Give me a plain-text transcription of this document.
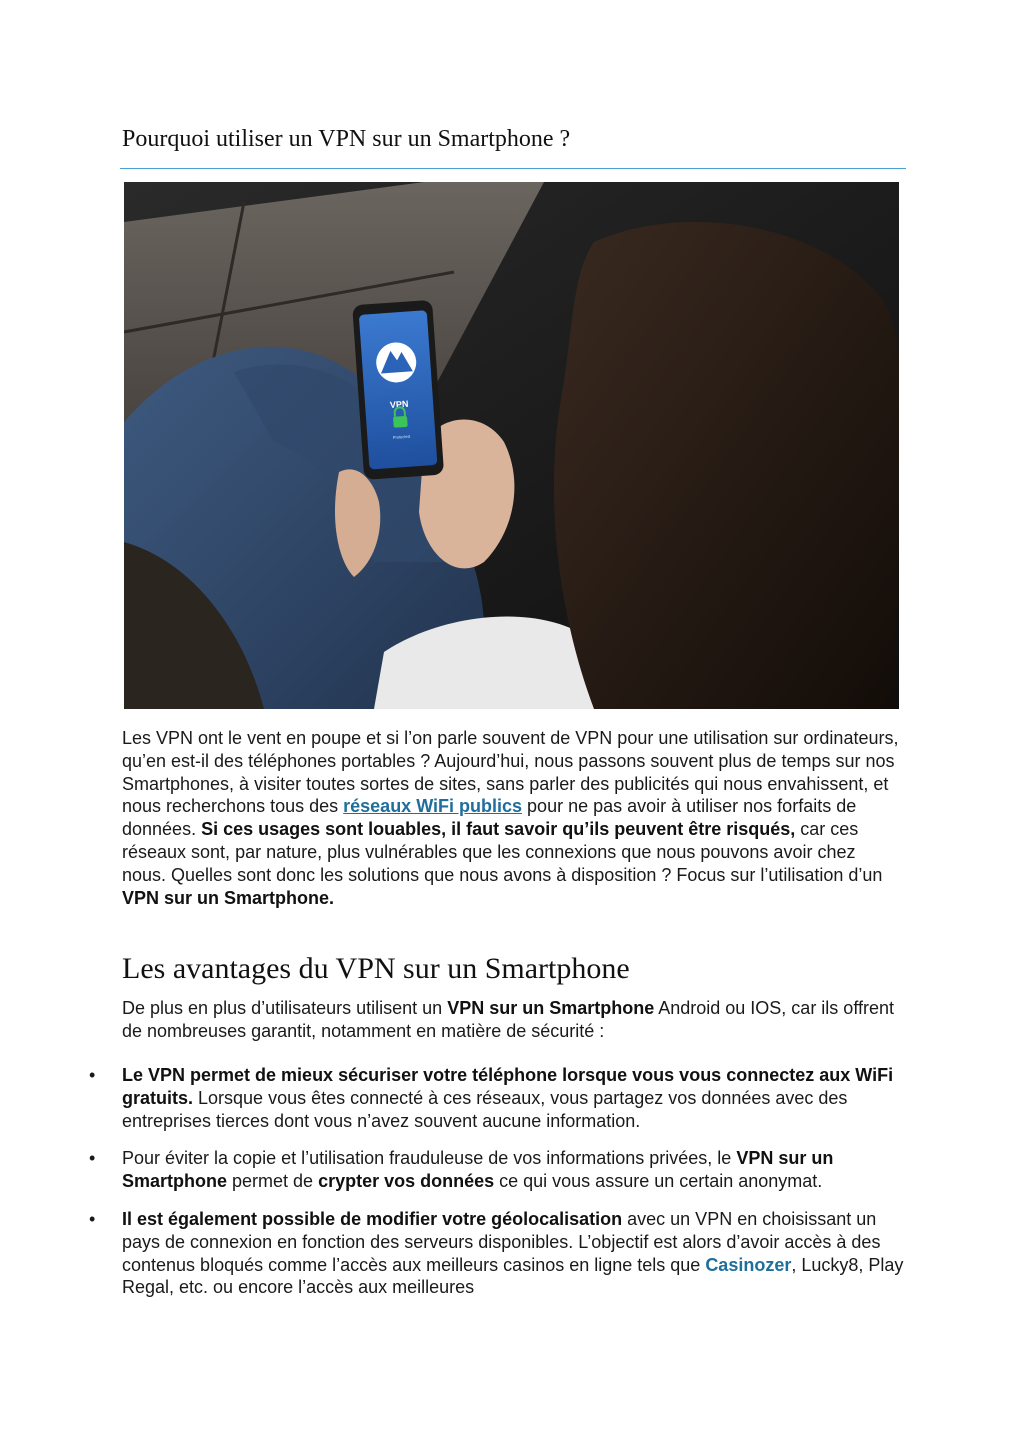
Pourquoi utiliser un VPN sur un Smartphone ?
VPN
Protected

Les VPN ont le vent en poupe et si l’on parle souvent de VPN pour une utilisation sur ordinateurs, qu’en est-il des téléphones portables ? Aujourd’hui, nous passons souvent plus de temps sur nos Smartphones, à visiter toutes sortes de sites, sans parler des publicités qui nous envahissent, et nous recherchons tous des réseaux WiFi publics pour ne pas avoir à utiliser nos forfaits de données. Si ces usages sont louables, il faut savoir qu’ils peuvent être risqués, car ces réseaux sont, par nature, plus vulnérables que les connexions que nous pouvons avoir chez nous. Quelles sont donc les solutions que nous avons à disposition ? Focus sur l’utilisation d’un VPN sur un Smartphone.

Les avantages du VPN sur un Smartphone

De plus en plus d’utilisateurs utilisent un VPN sur un Smartphone Android ou IOS, car ils offrent de nombreuses garantit, notamment en matière de sécurité :

• Le VPN permet de mieux sécuriser votre téléphone lorsque vous vous connectez aux WiFi gratuits. Lorsque vous êtes connecté à ces réseaux, vous partagez vos données avec des entreprises tierces dont vous n’avez souvent aucune information.
• Pour éviter la copie et l’utilisation frauduleuse de vos informations privées, le VPN sur un Smartphone permet de crypter vos données ce qui vous assure un certain anonymat.
• Il est également possible de modifier votre géolocalisation avec un VPN en choisissant un pays de connexion en fonction des serveurs disponibles. L’objectif est alors d’avoir accès à des contenus bloqués comme l’accès aux meilleurs casinos en ligne tels que Casinozer, Lucky8, Play Regal, etc. ou encore l’accès aux meilleures
